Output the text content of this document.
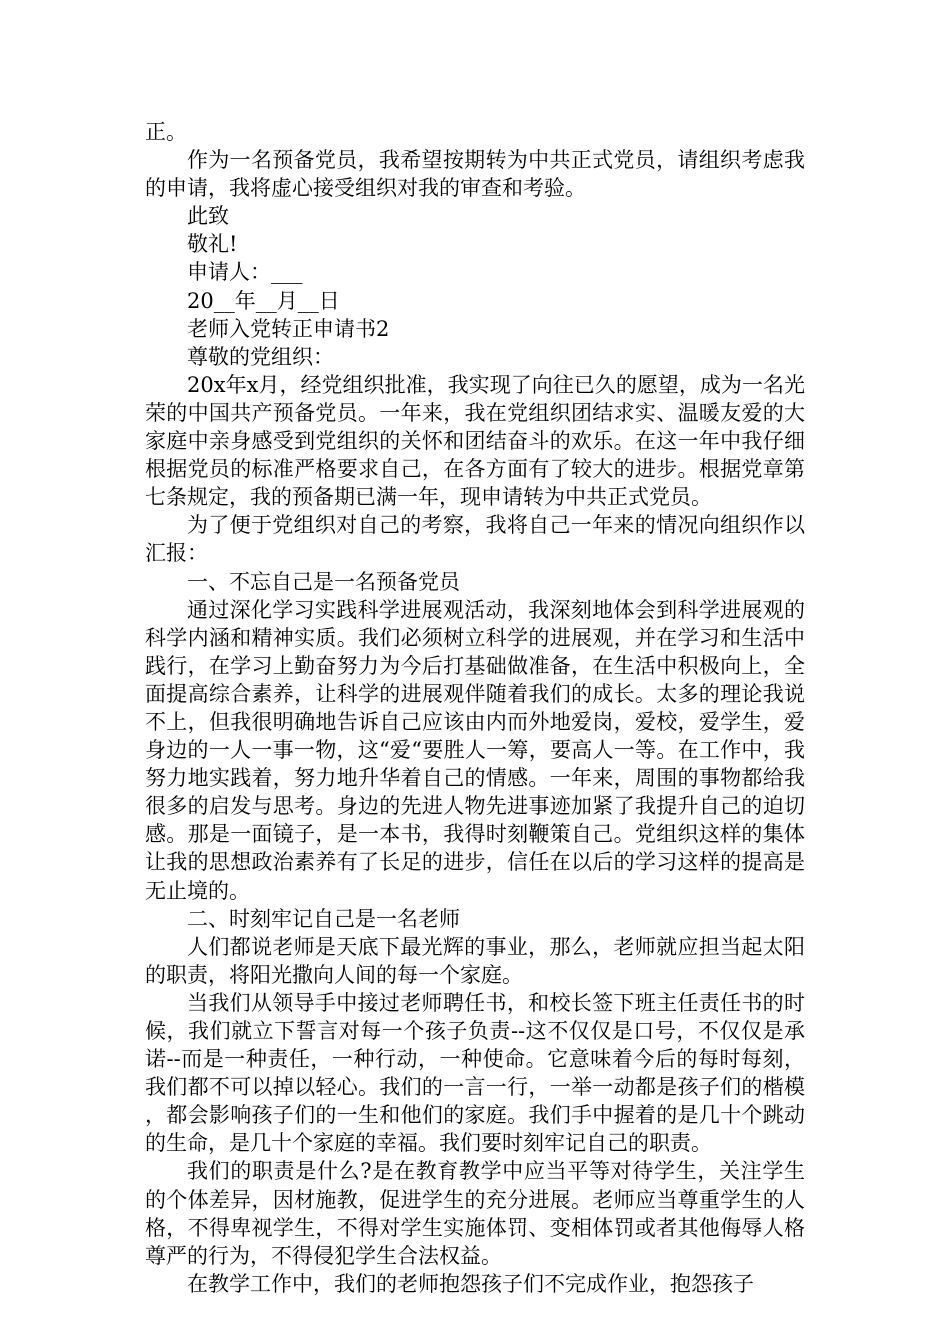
正。

作为一名预备党员，我希望按期转为中共正式党员，请组织考虑我的申请，我将虚心接受组织对我的审查和考验。

此致

敬礼!

申请人：___

20__年__月__日

老师入党转正申请书2

尊敬的党组织：

20x年x月，经党组织批准，我实现了向往已久的愿望，成为一名光荣的中国共产预备党员。一年来，我在党组织团结求实、温暖友爱的大家庭中亲身感受到党组织的关怀和团结奋斗的欢乐。在这一年中我仔细根据党员的标准严格要求自己，在各方面有了较大的进步。根据党章第七条规定，我的预备期已满一年，现申请转为中共正式党员。

为了便于党组织对自己的考察，我将自己一年来的情况向组织作以汇报：

一、不忘自己是一名预备党员

通过深化学习实践科学进展观活动，我深刻地体会到科学进展观的科学内涵和精神实质。我们必须树立科学的进展观，并在学习和生活中践行，在学习上勤奋努力为今后打基础做准备，在生活中积极向上，全面提高综合素养，让科学的进展观伴随着我们的成长。太多的理论我说不上，但我很明确地告诉自己应该由内而外地爱岗，爱校，爱学生，爱身边的一人一事一物，这“爱“要胜人一筹，要高人一等。在工作中，我努力地实践着，努力地升华着自己的情感。一年来，周围的事物都给我很多的启发与思考。身边的先进人物先进事迹加紧了我提升自己的迫切感。那是一面镜子，是一本书，我得时刻鞭策自己。党组织这样的集体让我的思想政治素养有了长足的进步，信任在以后的学习这样的提高是无止境的。

二、时刻牢记自己是一名老师

人们都说老师是天底下最光辉的事业，那么，老师就应担当起太阳的职责，将阳光撒向人间的每一个家庭。

当我们从领导手中接过老师聘任书，和校长签下班主任责任书的时候，我们就立下誓言对每一个孩子负责--这不仅仅是口号，不仅仅是承诺--而是一种责任，一种行动，一种使命。它意味着今后的每时每刻，我们都不可以掉以轻心。我们的一言一行，一举一动都是孩子们的楷模，都会影响孩子们的一生和他们的家庭。我们手中握着的是几十个跳动的生命，是几十个家庭的幸福。我们要时刻牢记自己的职责。

我们的职责是什么?是在教育教学中应当平等对待学生，关注学生的个体差异，因材施教，促进学生的充分进展。老师应当尊重学生的人格，不得卑视学生，不得对学生实施体罚、变相体罚或者其他侮辱人格尊严的行为，不得侵犯学生合法权益。

在教学工作中，我们的老师抱怨孩子们不完成作业，抱怨孩子
